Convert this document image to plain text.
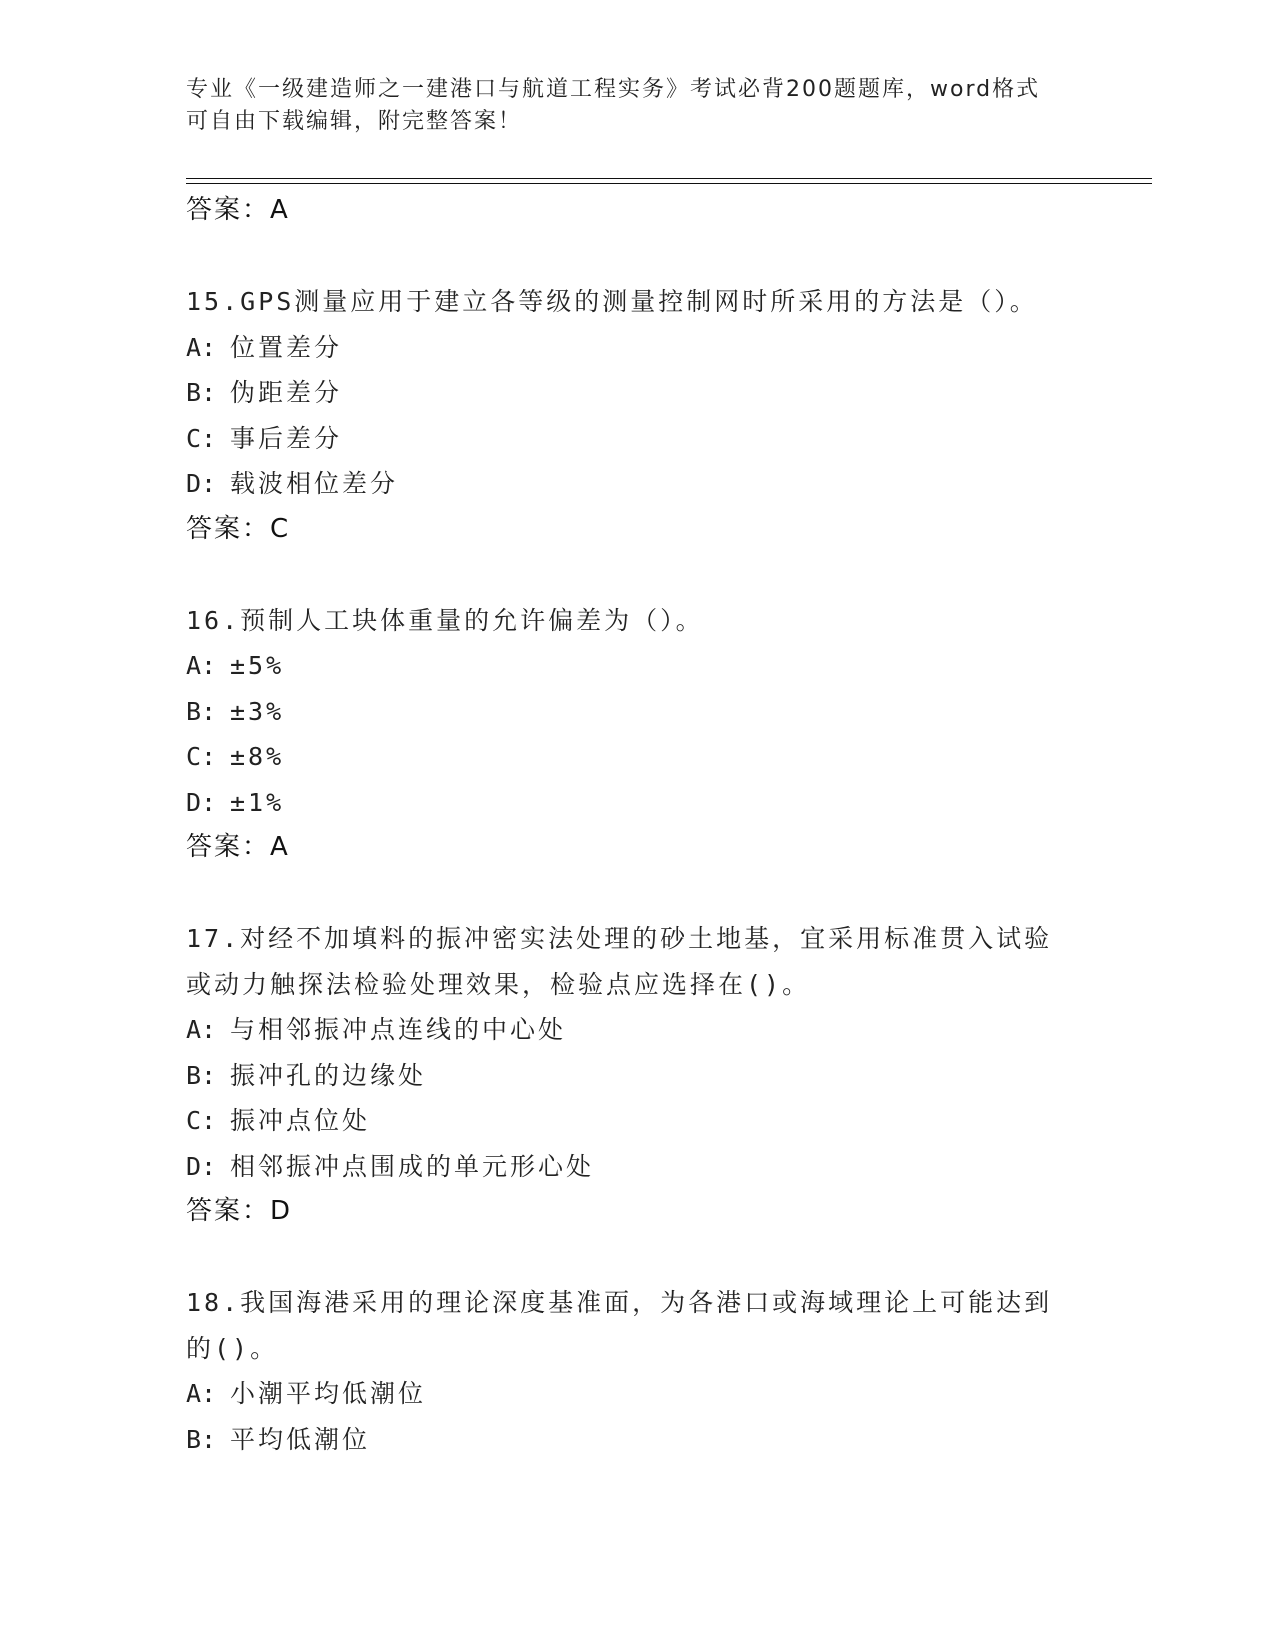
专业《一级建造师之一建港口与航道工程实务》考试必背200题题库，word格式
可自由下载编辑，附完整答案！
答案：A
15.GPS测量应用于建立各等级的测量控制网时所采用的方法是（）。
A: 位置差分
B: 伪距差分
C: 事后差分
D: 载波相位差分
答案：C
16.预制人工块体重量的允许偏差为（）。
A: ±5%
B: ±3%
C: ±8%
D: ±1%
答案：A
17.对经不加填料的振冲密实法处理的砂土地基，宜采用标准贯入试验
或动力触探法检验处理效果，检验点应选择在()。
A: 与相邻振冲点连线的中心处
B: 振冲孔的边缘处
C: 振冲点位处
D: 相邻振冲点围成的单元形心处
答案：D
18.我国海港采用的理论深度基准面，为各港口或海域理论上可能达到
的()。
A: 小潮平均低潮位
B: 平均低潮位
